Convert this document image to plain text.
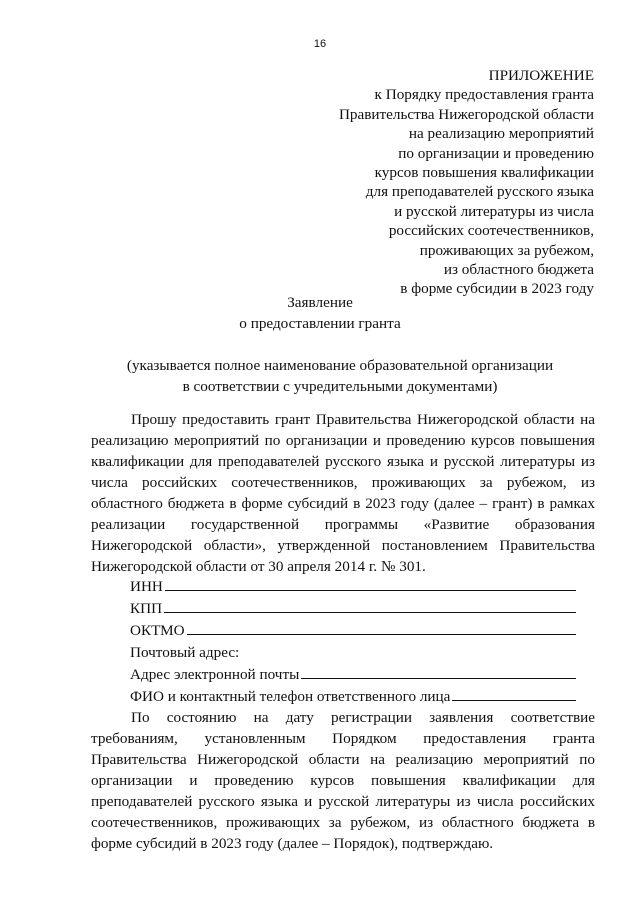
16
ПРИЛОЖЕНИЕ
к Порядку предоставления гранта
Правительства Нижегородской области
на реализацию мероприятий
по организации и проведению
курсов повышения квалификации
для преподавателей русского языка
и русской литературы из числа
российских соотечественников,
проживающих за рубежом,
из областного бюджета
в форме субсидии в 2023 году
Заявление
о предоставлении гранта
(указывается полное наименование образовательной организации
в соответствии с учредительными документами)
Прошу предоставить грант Правительства Нижегородской области на реализацию мероприятий по организации и проведению курсов повышения квалификации для преподавателей русского языка и русской литературы из числа российских соотечественников, проживающих за рубежом, из областного бюджета в форме субсидий в 2023 году (далее – грант) в рамках реализации государственной программы «Развитие образования Нижегородской области», утвержденной постановлением Правительства Нижегородской области от 30 апреля 2014 г. № 301.
ИНН
КПП
ОКТМО
Почтовый адрес:
Адрес электронной почты
ФИО и контактный телефон ответственного лица
По состоянию на дату регистрации заявления соответствие требованиям, установленным Порядком предоставления гранта Правительства Нижегородской области на реализацию мероприятий по организации и проведению курсов повышения квалификации для преподавателей русского языка и русской литературы из числа российских соотечественников, проживающих за рубежом, из областного бюджета в форме субсидий в 2023 году (далее – Порядок), подтверждаю.
